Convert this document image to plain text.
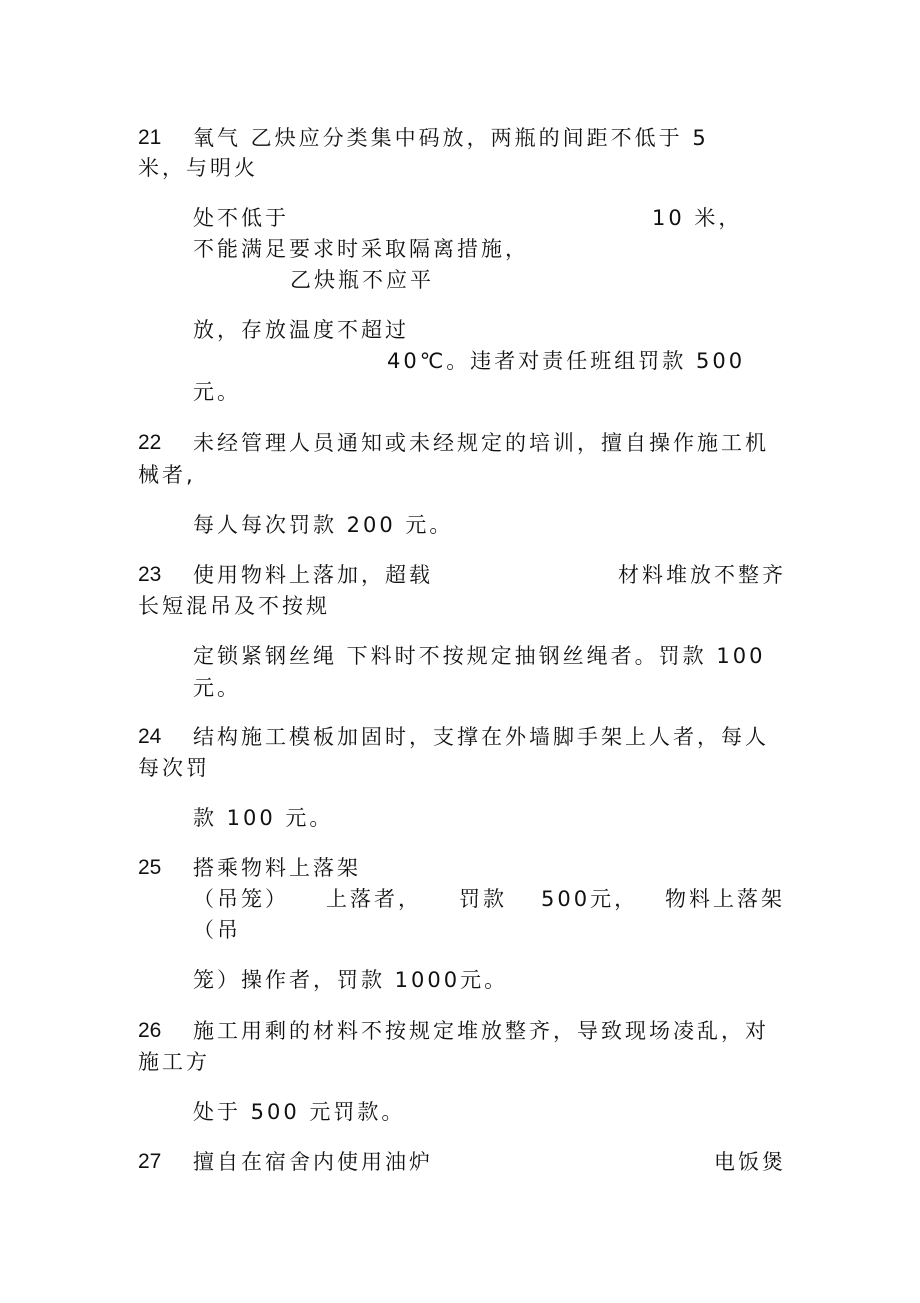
21 氧气 乙炔应分类集中码放，两瓶的间距不低于 5
米，与明火
处不低于	10 米，
不能满足要求时采取隔离措施，
乙炔瓶不应平
放，存放温度不超过
40℃。违者对责任班组罚款 500
元。
22 未经管理人员通知或未经规定的培训，擅自操作施工机
械者,
每人每次罚款 200 元。
23 使用物料上落加，超载	材料堆放不整齐
长短混吊及不按规
定锁紧钢丝绳 下料时不按规定抽钢丝绳者。罚款 100
元。
24 结构施工模板加固时，支撑在外墙脚手架上人者，每人
每次罚
款 100 元。
25 搭乘物料上落架
（吊笼） 上落者， 罚款 500元， 物料上落架
（吊
笼）操作者，罚款 1000元。
26 施工用剩的材料不按规定堆放整齐，导致现场凌乱，对
施工方
处于 500 元罚款。
27 擅自在宿舍内使用油炉	电饭煲
